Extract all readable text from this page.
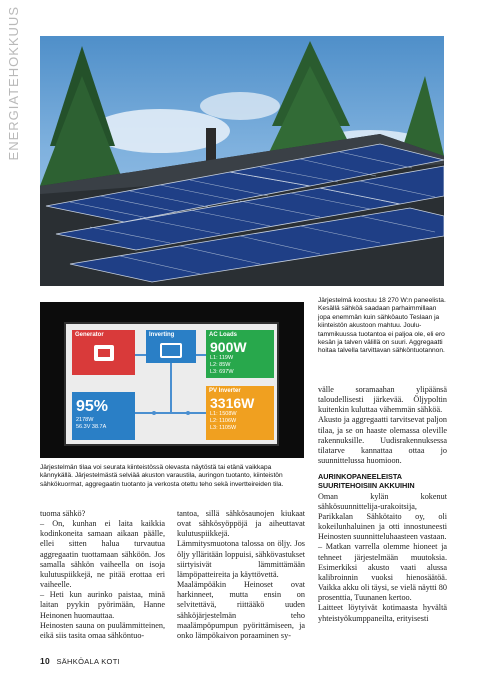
ENERGIATEHOKKUUS
Generator	Inverting	AC Loads
900W
L1: 119W
L2: 85W
L3: 697W
95%
2178W
56.3V 38.7A
PV Inverter
3316W
L1: 1508W
L2: 1106W
L3: 1105W
Järjestelmä koostuu 18 270 W:n paneelista. Kesällä sähköä saadaan parhaimmillaan jopa enemmän kuin sähköauto Teslaan ja kiinteistön akustoon mahtuu. Joulu-tammikuussa tuotantoa ei paljoa ole, eli ero kesän ja talven välillä on suuri. Aggregaatti hoitaa talvella tarvittavan sähköntuotannon.
Järjestelmän tilaa voi seurata kiinteistössä olevasta näytöstä tai etänä vaikkapa kännykällä. Järjestelmästä selviää akuston varaustila, auringon tuotanto, kiinteistön sähkökuormat, aggregaatin tuotanto ja verkosta otettu teho sekä invertteireiden tila.

tuoma sähkö?

– On, kunhan ei laita kaikkia kodinkoneita samaan aikaan päälle, ellei sitten halua turvautua aggregaatin tuottamaan sähköön. Jos samalla sähkön vaiheella on isoja kulutuspiikkejä, ne pitää erottaa eri vaiheelle.

– Heti kun aurinko paistaa, minä laitan pyykin pyörimään, Hanne Heinonen huomauttaa.

Heinosten sauna on puulämmitteinen, eikä siis tasita omaa sähköntuo-

tantoa, sillä sähkösaunojen kiukaat ovat sähkösyöppöjä ja aiheuttavat kulutuspiikkejä.

Lämmitysmuotona talossa on öljy. Jos öljy ylläritään loppuisi, sähkövastukset siirtyisivät lämmittämään lämpöpatteireita ja käyttövettä.

Maalämpöäkin Heinoset ovat harkinneet, mutta ensin on selvitettävä, riittääkö uuden sähköjärjestelmän teho maalämpöpumpun pyörittämiseen, ja onko lämpökaivon poraaminen sy-

välle soramaahan ylipäänsä taloudellisesti järkevää. Öljypoltin kuitenkin kuluttaa vähemmän sähköä.

Akusto ja aggregaatti tarvitsevat paljon tilaa, ja se on haaste olemassa oleville rakennuksille. Uudisrakennuksessa tilatarve kannattaa ottaa jo suunnittelussa huomioon.

AURINKOPANEELEISTA SUURITEHOISIIN AKKUIHIN

Oman kylän kokenut sähkösuunnittelija-urakoitsija, Parikkalan Sähkötaito oy, oli kokeilunhaluinen ja otti innostuneesti Heinosten suunnitteluhaasteen vastaan.

– Matkan varrella olemme hioneet ja tehneet järjestelmään muutoksia. Esimerkiksi akusto vaati alussa kalibroinnin vuoksi hienosäätöä. Vaikka akku oli täysi, se vielä näytti 80 prosenttia, Tuunanen kertoo.

Laitteet löytyivät kotimaasta hyvältä yhteistyökumppaneilta, erityisesti

10 SÄHKÖALA KOTI
